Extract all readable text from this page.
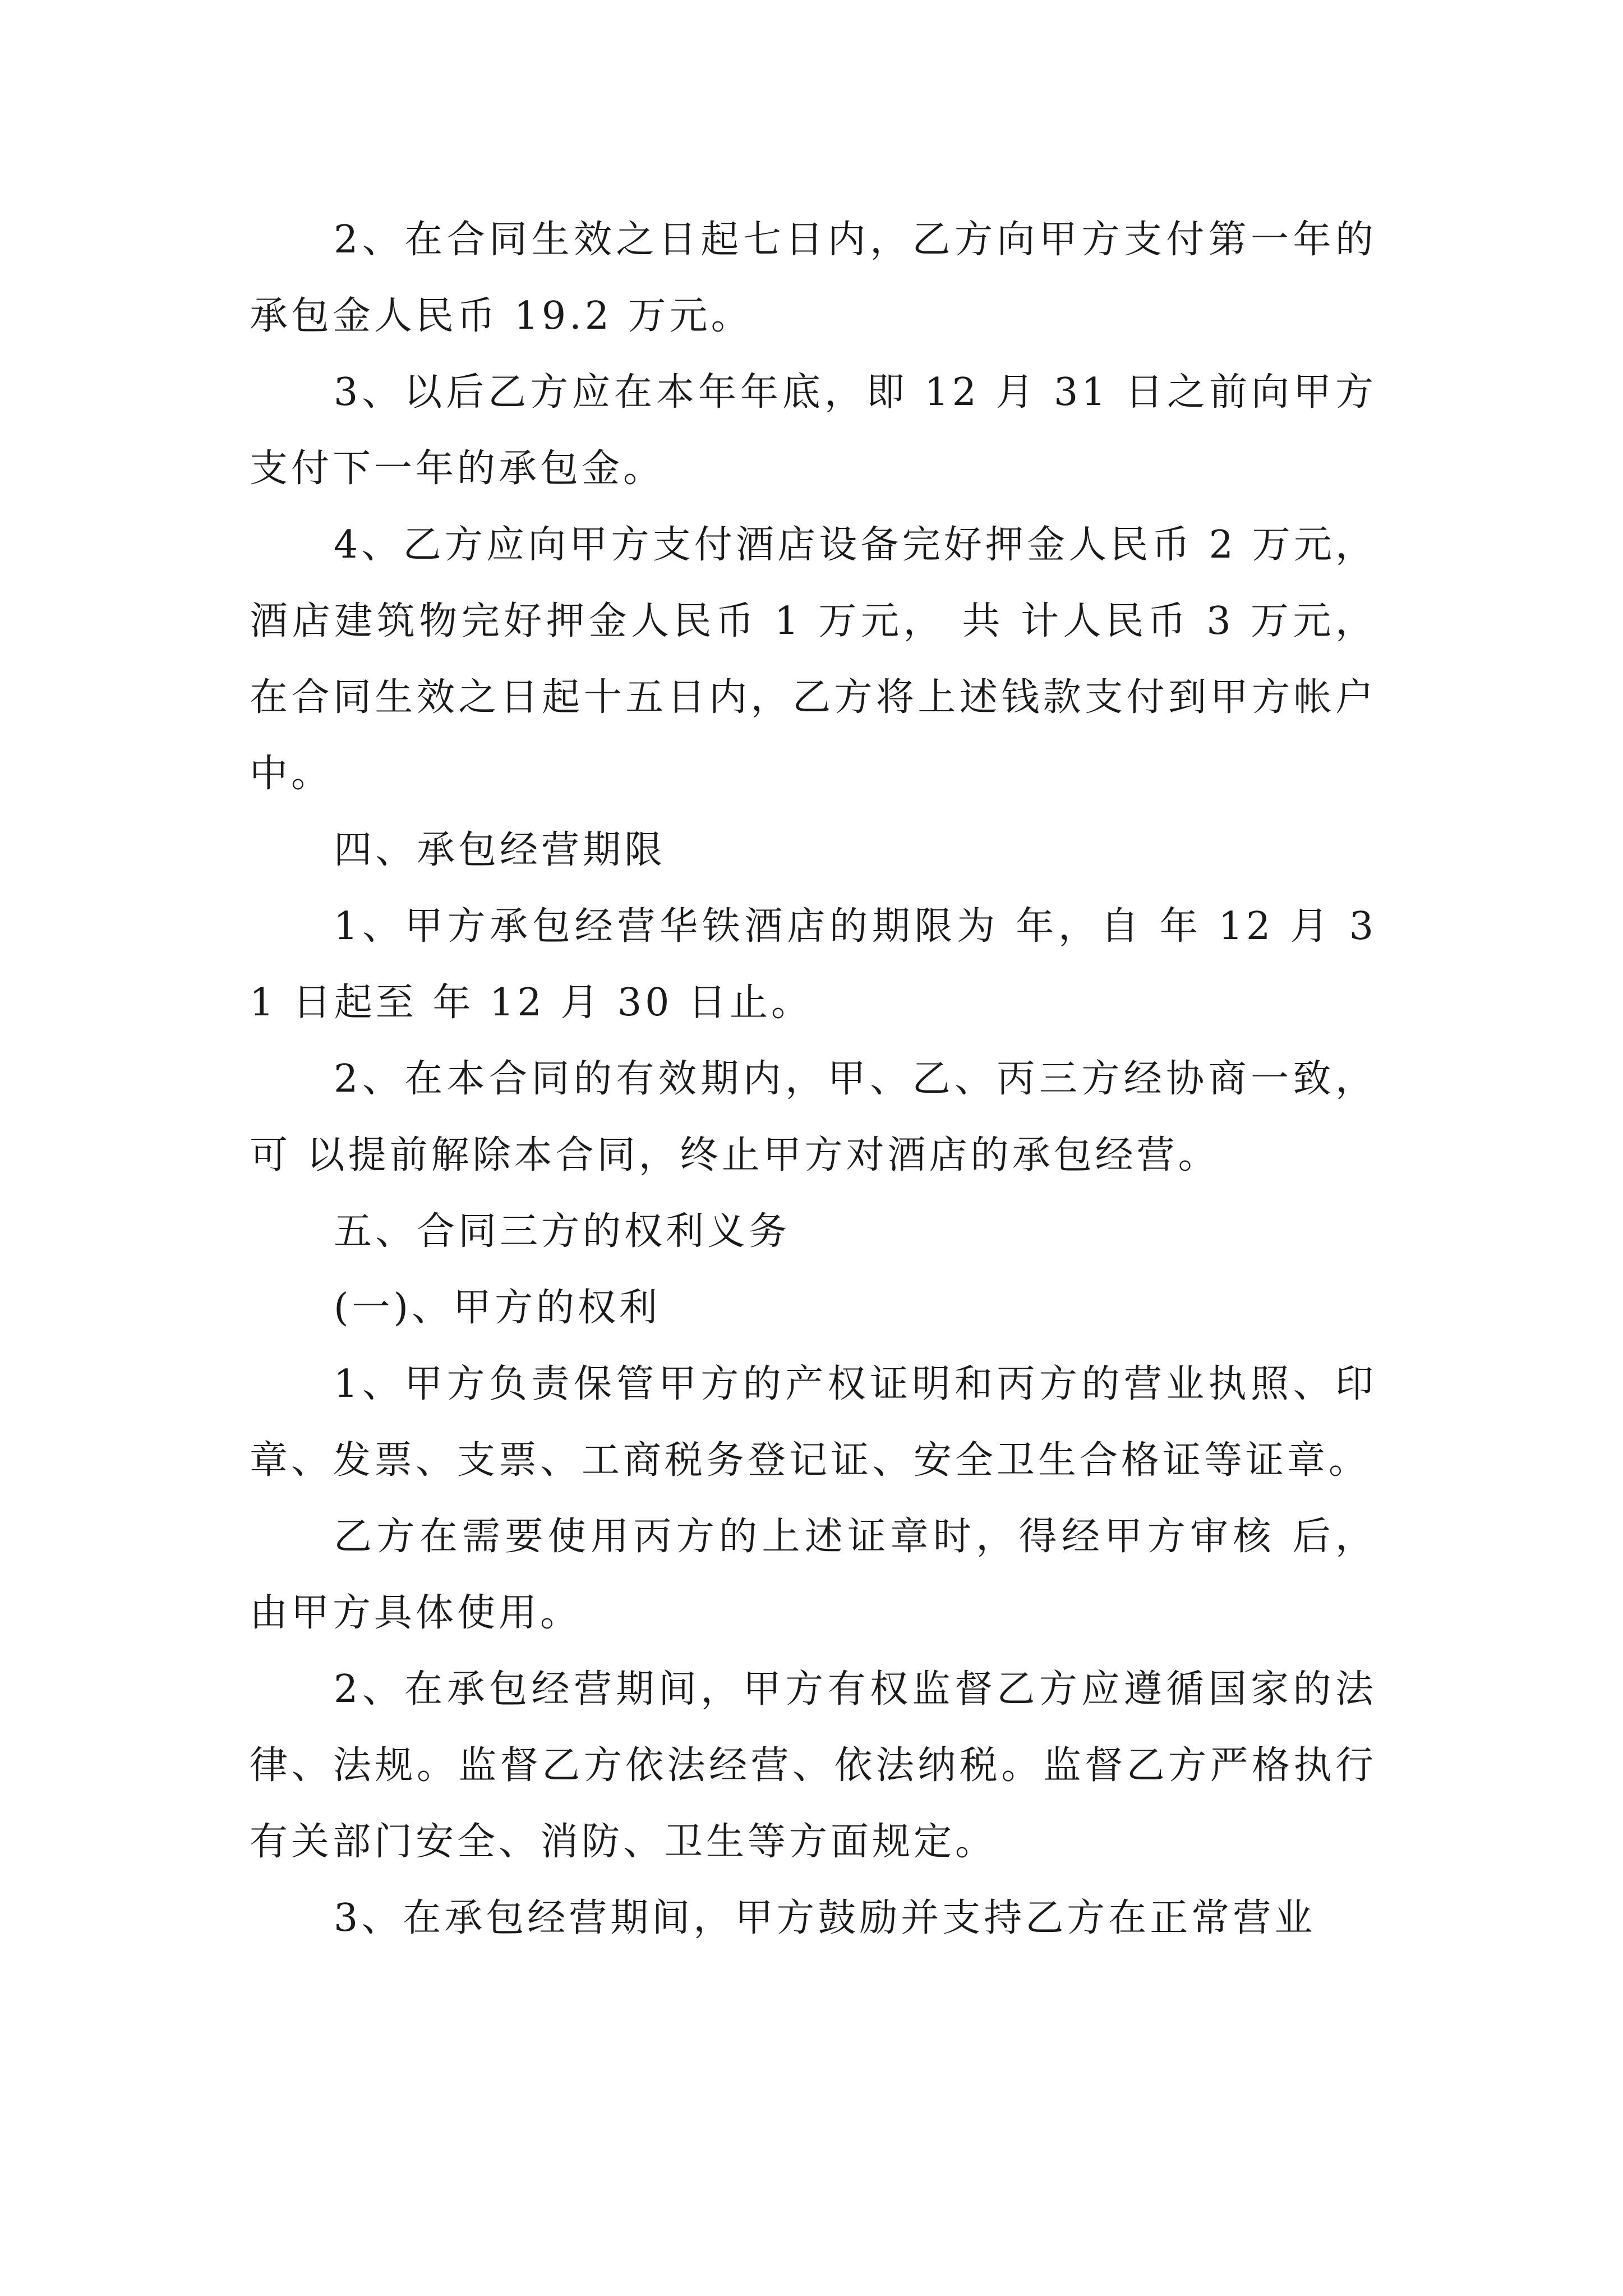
2、在合同生效之日起七日内，乙方向甲方支付第一年的承包金人民币 19.2 万元。

3、以后乙方应在本年年底，即 12 月 31 日之前向甲方支付下一年的承包金。

4、乙方应向甲方支付酒店设备完好押金人民币 2 万元，酒店建筑物完好押金人民币 1 万元， 共 计人民币 3 万元，在合同生效之日起十五日内，乙方将上述钱款支付到甲方帐户中。

四、承包经营期限

1、甲方承包经营华铁酒店的期限为 年，自 年 12 月 31 日起至 年 12 月 30 日止。

2、在本合同的有效期内，甲、乙、丙三方经协商一致，可 以提前解除本合同，终止甲方对酒店的承包经营。

五、合同三方的权利义务

(一)、甲方的权利

1、甲方负责保管甲方的产权证明和丙方的营业执照、印章、发票、支票、工商税务登记证、安全卫生合格证等证章。

乙方在需要使用丙方的上述证章时，得经甲方审核 后，由甲方具体使用。

2、在承包经营期间，甲方有权监督乙方应遵循国家的法律、法规。监督乙方依法经营、依法纳税。监督乙方严格执行有关部门安全、消防、卫生等方面规定。

3、在承包经营期间，甲方鼓励并支持乙方在正常营业
